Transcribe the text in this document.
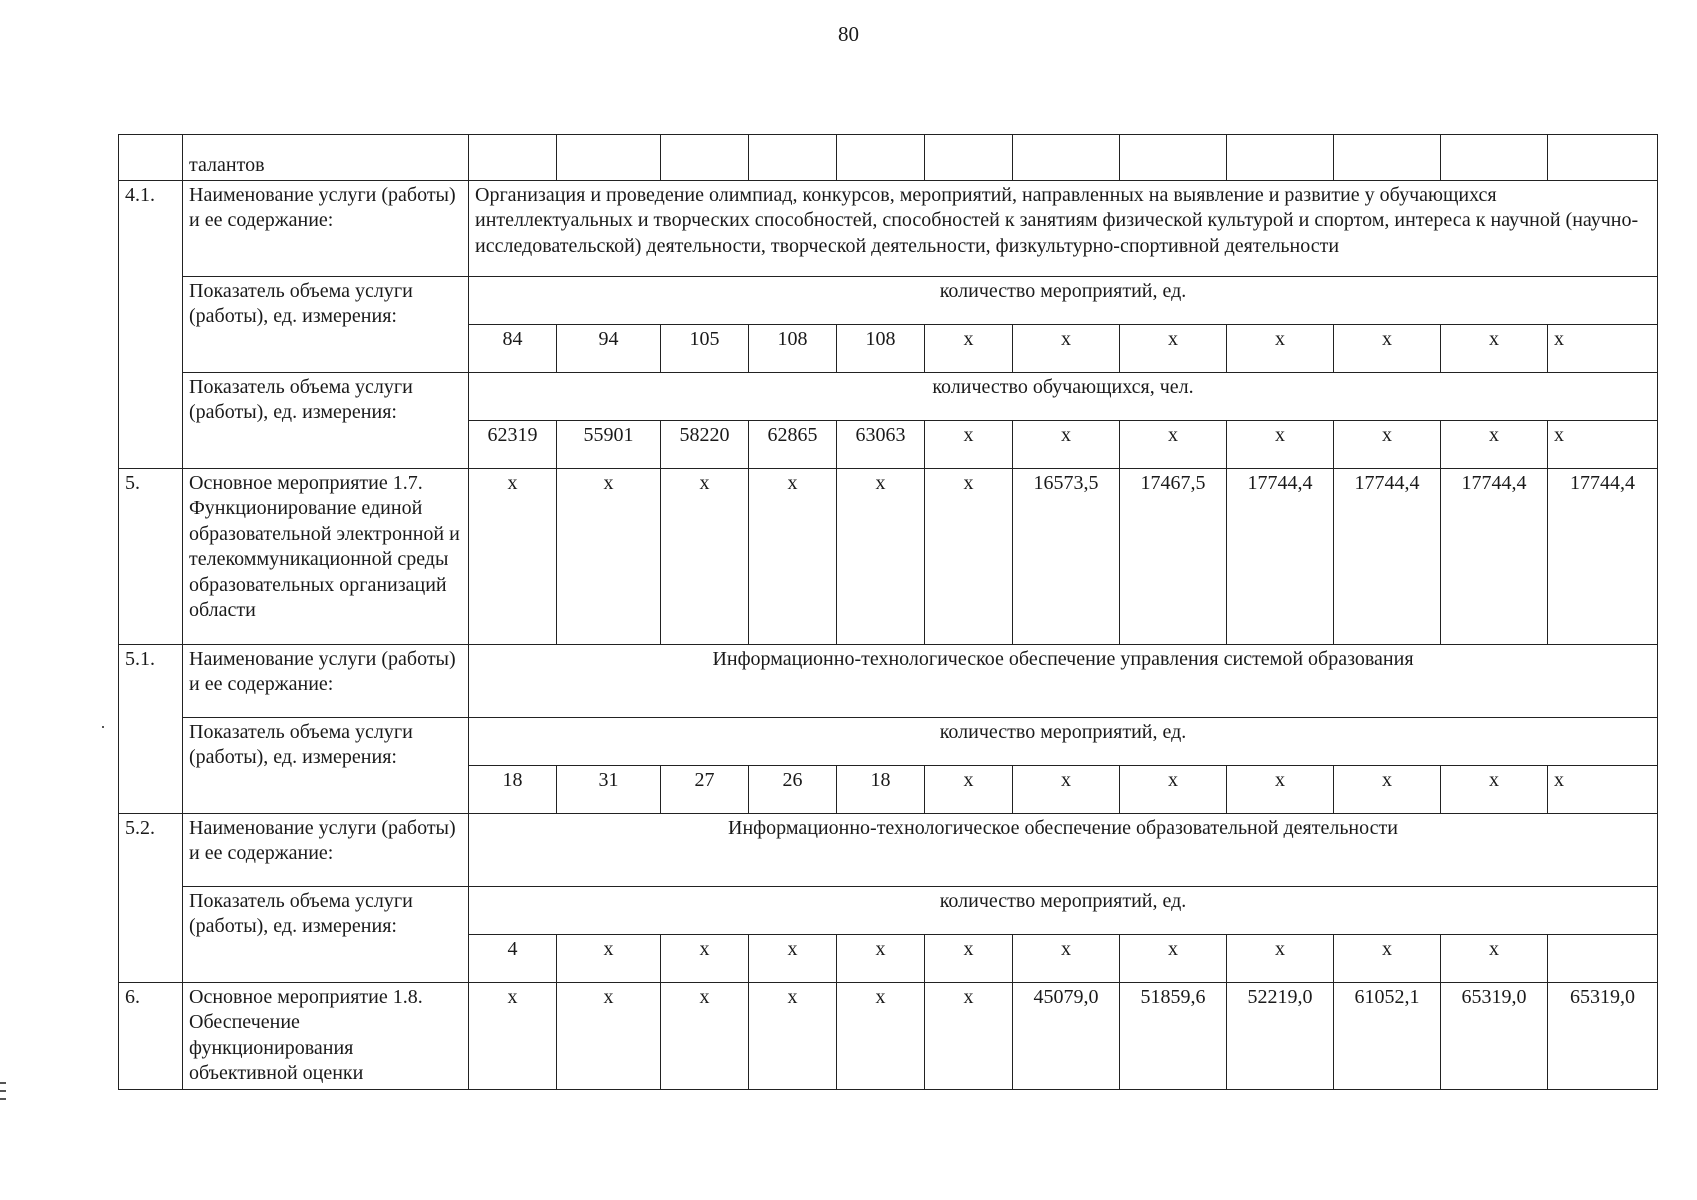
80
	талантов												
4.1.	Наименование услуги (работы) и ее содержание:	Организация и проведение олимпиад, конкурсов, мероприятий, направленных на выявление и развитие у обучающихся интеллектуальных и творческих способностей, способностей к занятиям физической культурой и спортом, интереса к научной (научно-исследовательской) деятельности, творческой деятельности, физкультурно-спортивной деятельности											
	Показатель объема услуги (работы), ед. измерения:	количество мероприятий, ед.											
		84	94	105	108	108	x	x	x	x	x	x	x
	Показатель объема услуги (работы), ед. измерения:	количество обучающихся, чел.											
		62319	55901	58220	62865	63063	x	x	x	x	x	x	x
5.	Основное мероприятие 1.7. Функционирование единой образовательной электронной и телекоммуникационной среды образовательных организаций области	x	x	x	x	x	x	16573,5	17467,5	17744,4	17744,4	17744,4	17744,4
5.1.	Наименование услуги (работы) и ее содержание:	Информационно-технологическое обеспечение управления системой образования											
	Показатель объема услуги (работы), ед. измерения:	количество мероприятий, ед.											
		18	31	27	26	18	x	x	x	x	x	x	x
5.2.	Наименование услуги (работы) и ее содержание:	Информационно-технологическое обеспечение образовательной деятельности											
	Показатель объема услуги (работы), ед. измерения:	количество мероприятий, ед.											
		4	x	x	x	x	x	x	x	x	x	x	
6.	Основное мероприятие 1.8. Обеспечение функционирования объективной оценки	x	x	x	x	x	x	45079,0	51859,6	52219,0	61052,1	65319,0	65319,0
